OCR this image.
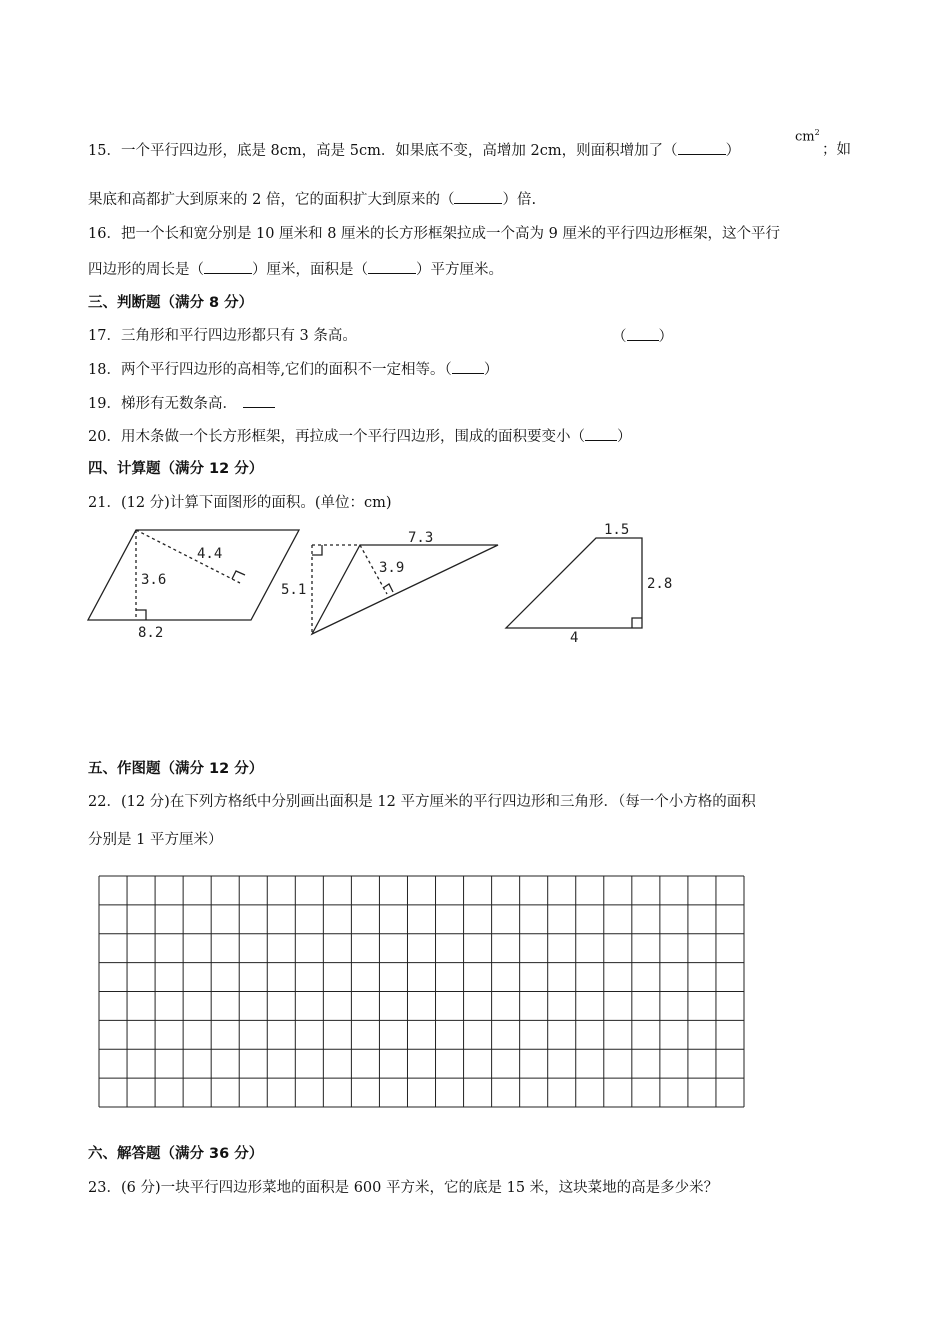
15．一个平行四边形，底是 8cm，高是 5cm．如果底不变，高增加 2cm，则面积增加了（	）
$cm^2$
；如
果底和高都扩大到原来的 2 倍，它的面积扩大到原来的（	）倍.
16．把一个长和宽分别是 10 厘米和 8 厘米的长方形框架拉成一个高为 9 厘米的平行四边形框架，这个平行
四边形的周长是（	）厘米，面积是（	）平方厘米。
三、判断题（满分 8 分）
17．三角形和平行四边形都只有 3 条高。	（ ）
18．两个平行四边形的高相等,它们的面积不一定相等。（ ）
19．梯形有无数条高．
20．用木条做一个长方形框架，再拉成一个平行四边形，围成的面积要变小（ ）
四、计算题（满分 12 分）
21．(12 分)计算下面图形的面积。(单位：cm)
4.4
3.6
8.2
7.3
3.9
5.1
1.5
2.8
4
五、作图题（满分 12 分）
22．(12 分)在下列方格纸中分别画出面积是 12 平方厘米的平行四边形和三角形．（每一个小方格的面积
分别是 1 平方厘米）
六、解答题（满分 36 分）
23．(6 分)一块平行四边形菜地的面积是 600 平方米，它的底是 15 米，这块菜地的高是多少米？
